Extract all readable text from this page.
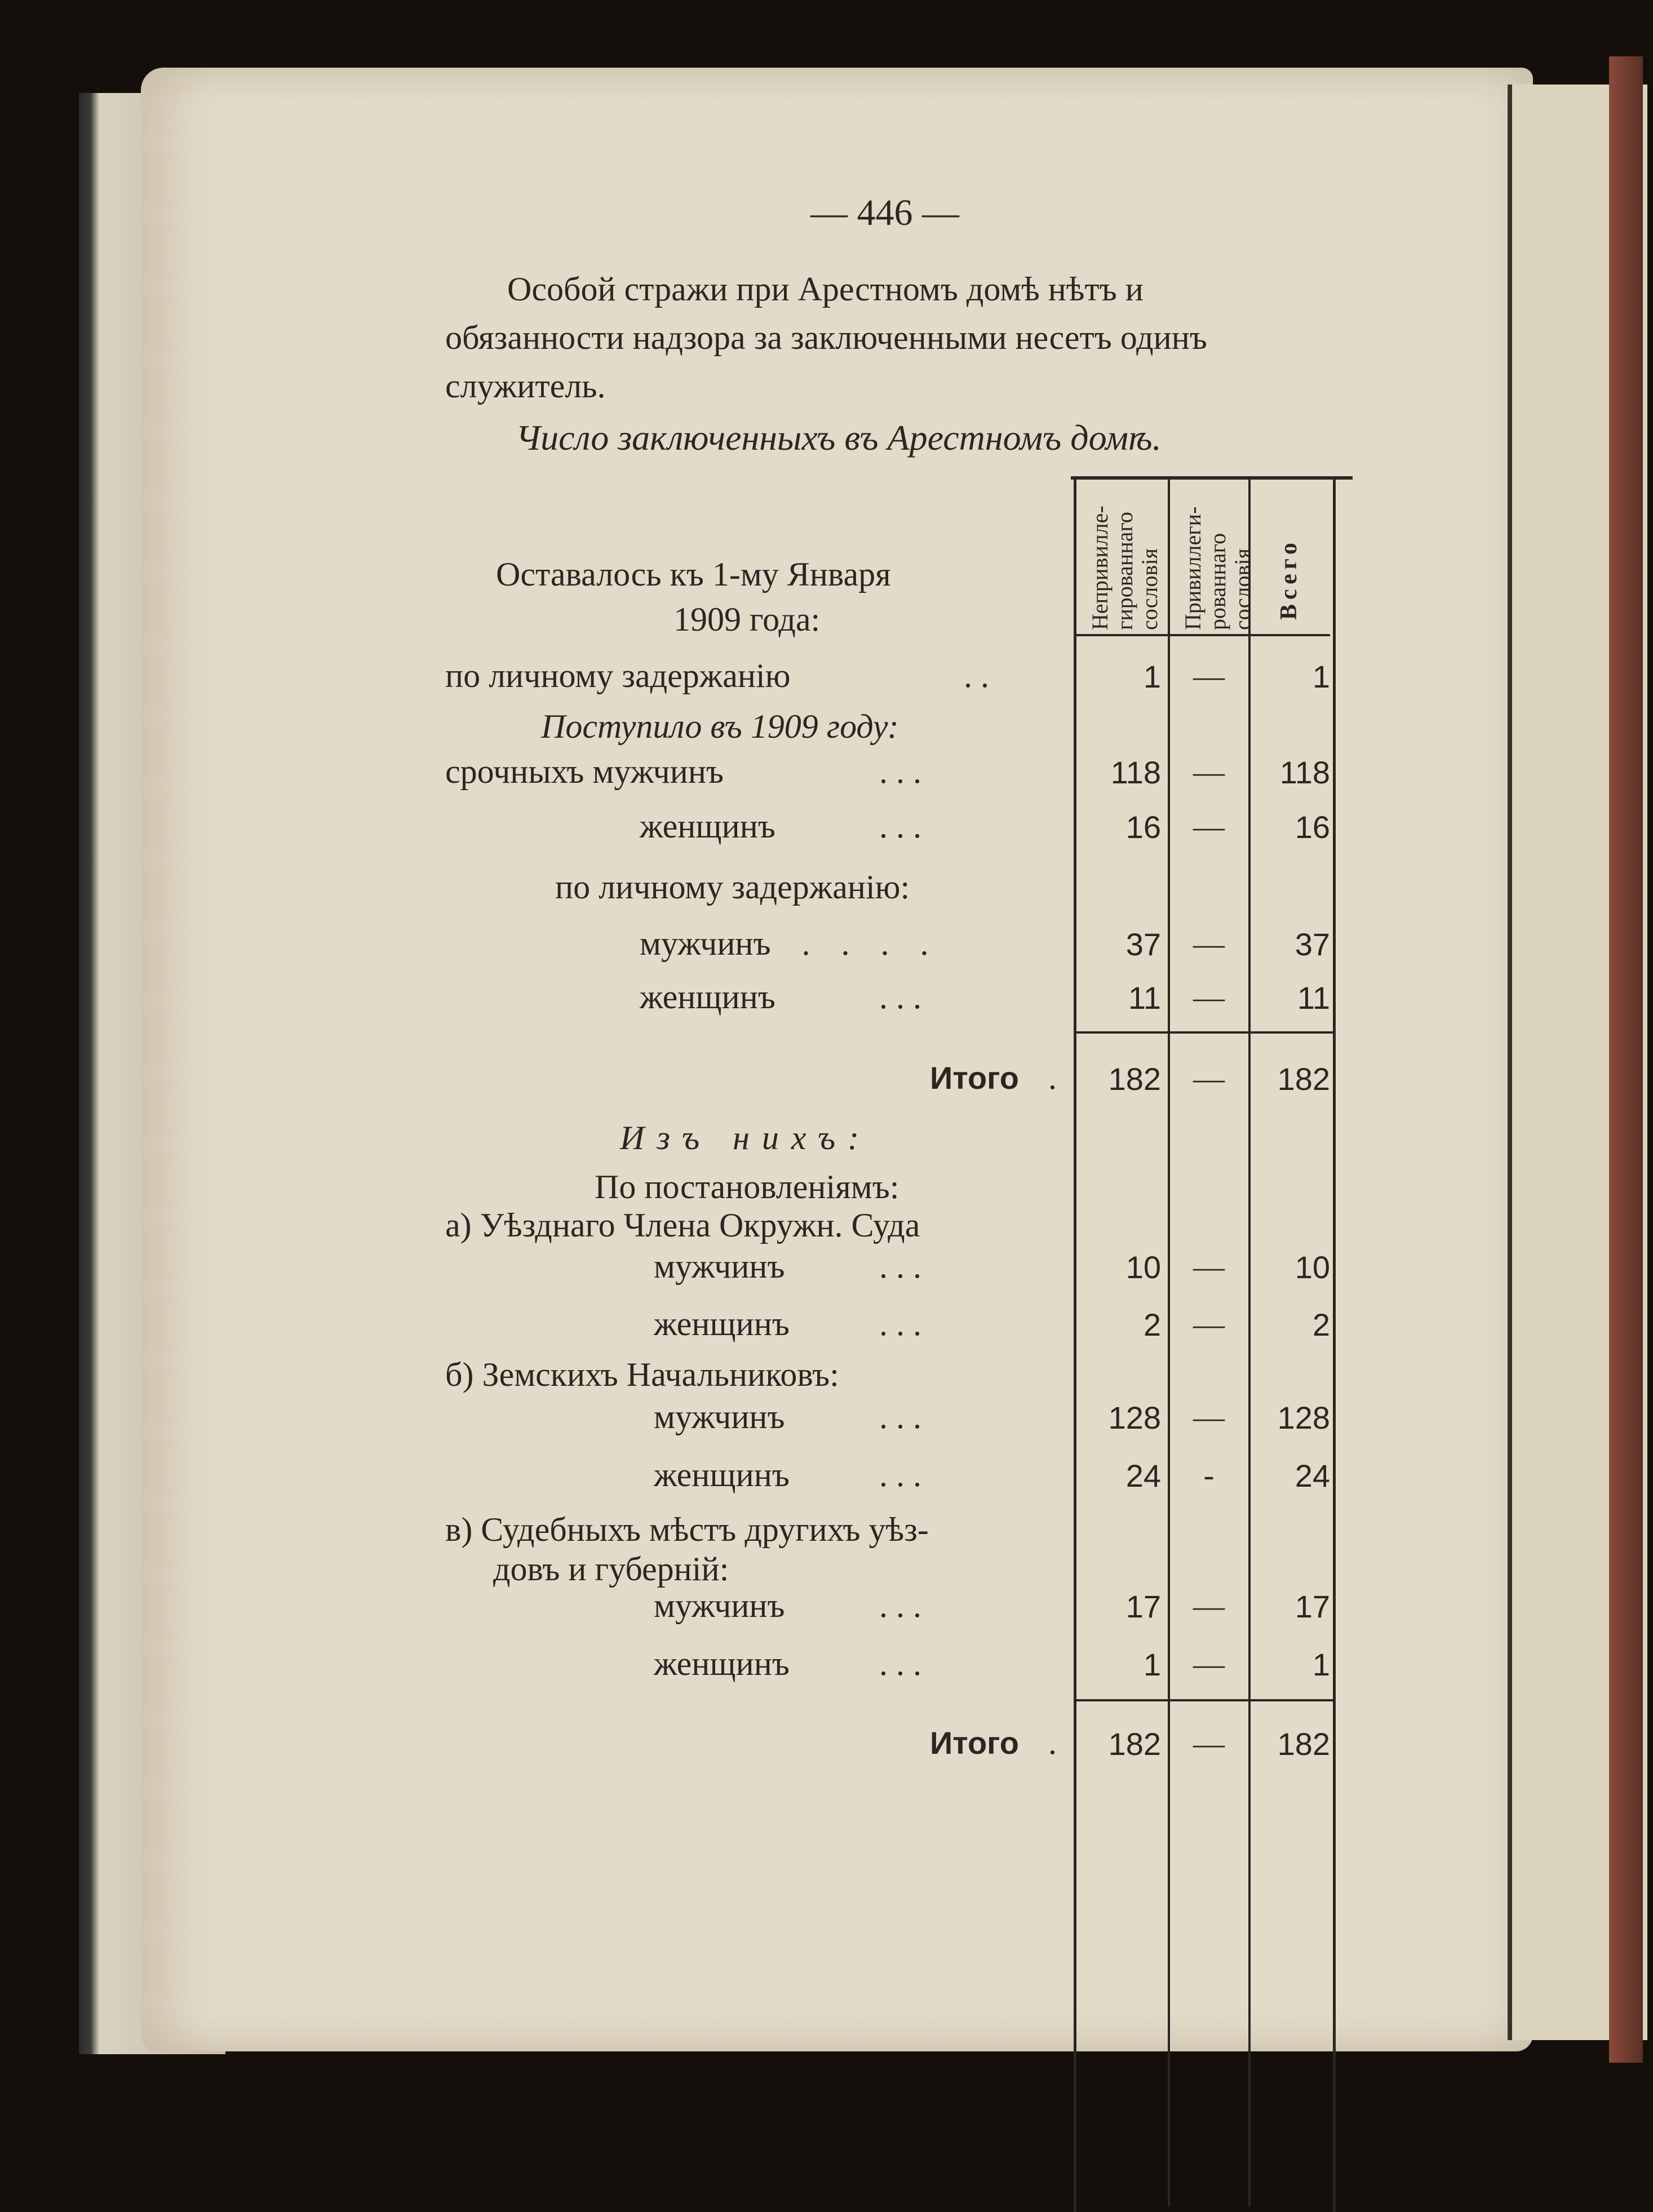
— 446 —
Особой стражи при Арестномъ домѣ нѣтъ и
обязанности надзора за заключенными несетъ одинъ
служитель.
Число заключенныхъ въ Арестномъ домѣ.
Непривилле- гированнаго сословія Привиллеги- рованнаго сословія Всего
Оставалось къ 1-му Января
1909 года:
по личному задержанію	. .	1	—	1
Поступило въ 1909 году:
срочныхъ мужчинъ	. . .	118	—	118
женщинъ	. . .	16	—	16
по личному задержанію:
мужчинъ . . . .	37	—	37
женщинъ	. . .	11	—	11
Итого .	182	—	182
Изъ нихъ:
По постановленіямъ:
а) Уѣзднаго Члена Окружн. Суда
мужчинъ	. . .	10	—	10
женщинъ	. . .	2	—	2
б) Земскихъ Начальниковъ:
мужчинъ	. . .	128	—	128
женщинъ	. . .	24	-	24
в) Судебныхъ мѣстъ другихъ уѣз-
довъ и губерній:
мужчинъ	. . .	17	—	17
женщинъ	. . .	1	—	1
Итого .	182	—	182
